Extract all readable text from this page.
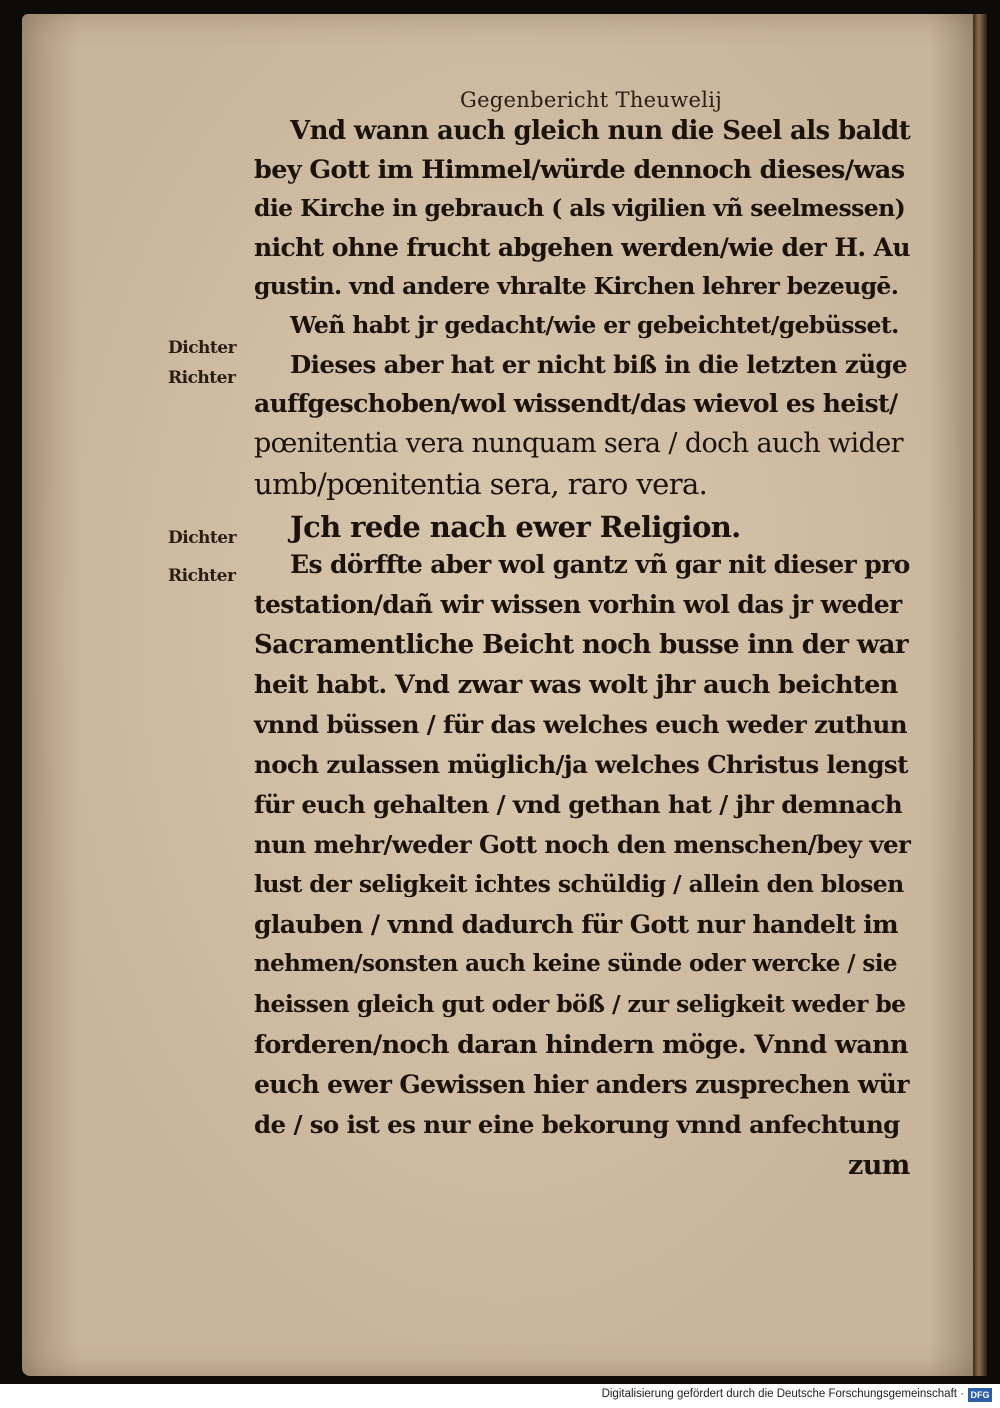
Gegenbericht Theuwelij

Dichter
Richter
Dichter
Richter

Vnd wann auch gleich nun die Seel als baldt

bey Gott im Himmel/würde dennoch dieses/was

die Kirche in gebrauch ( als vigilien vñ seelmessen)

nicht ohne frucht abgehen werden/wie der H. Au

gustin. vnd andere vhralte Kirchen lehrer bezeugē.

Weñ habt jr gedacht/wie er gebeichtet/gebüsset.

Dieses aber hat er nicht biß in die letzten züge

auffgeschoben/wol wissendt/das wievol es heist/

pœnitentia vera nunquam sera / doch auch wider

umb/pœnitentia sera, raro vera.

Jch rede nach ewer Religion.

Es dörffte aber wol gantz vñ gar nit dieser pro

testation/dañ wir wissen vorhin wol das jr weder

Sacramentliche Beicht noch busse inn der war

heit habt. Vnd zwar was wolt jhr auch beichten

vnnd büssen / für das welches euch weder zuthun

noch zulassen müglich/ja welches Christus lengst

für euch gehalten / vnd gethan hat / jhr demnach

nun mehr/weder Gott noch den menschen/bey ver

lust der seligkeit ichtes schüldig / allein den blosen

glauben / vnnd dadurch für Gott nur handelt im

nehmen/sonsten auch keine sünde oder wercke / sie

heissen gleich gut oder böß / zur seligkeit weder be

forderen/noch daran hindern möge. Vnnd wann

euch ewer Gewissen hier anders zusprechen wür

de / so ist es nur eine bekorung vnnd anfechtung

zum

Digitalisierung gefördert durch die Deutsche Forschungsgemeinschaft · DFG
